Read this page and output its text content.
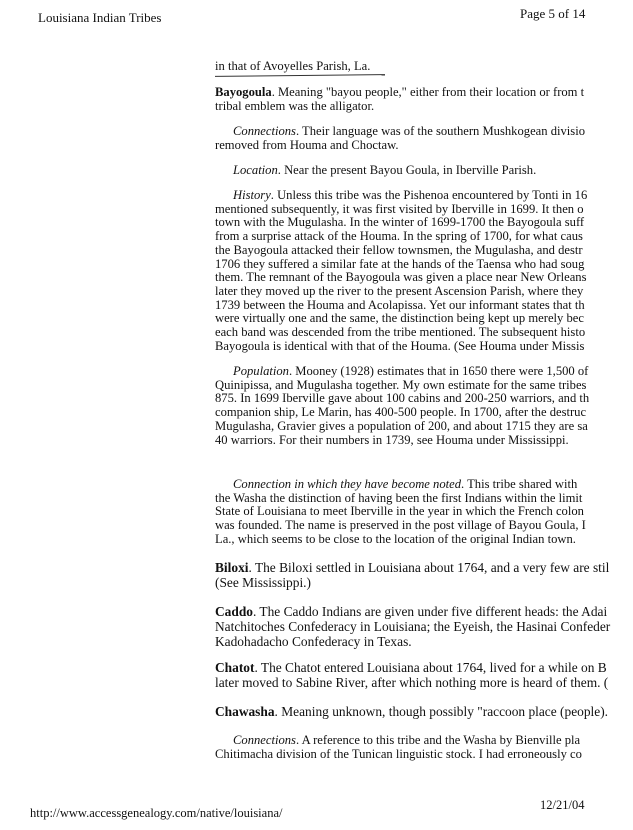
Louisiana Indian Tribes	Page 5 of 14
in that of Avoyelles Parish, La.
Bayogoula. Meaning "bayou people," either from their location or from t
tribal emblem was the alligator.
Connections. Their language was of the southern Mushkogean divisio
removed from Houma and Choctaw.
Location. Near the present Bayou Goula, in Iberville Parish.
History. Unless this tribe was the Pishenoa encountered by Tonti in 16
mentioned subsequently, it was first visited by Iberville in 1699. It then o
town with the Mugulasha. In the winter of 1699-1700 the Bayogoula suff
from a surprise attack of the Houma. In the spring of 1700, for what caus
the Bayogoula attacked their fellow townsmen, the Mugulasha, and destr
1706 they suffered a similar fate at the hands of the Taensa who had soug
them. The remnant of the Bayogoula was given a place near New Orleans
later they moved up the river to the present Ascension Parish, where they
1739 between the Houma and Acolapissa. Yet our informant states that th
were virtually one and the same, the distinction being kept up merely bec
each band was descended from the tribe mentioned. The subsequent histo
Bayogoula is identical with that of the Houma. (See Houma under Missis
Population. Mooney (1928) estimates that in 1650 there were 1,500 of
Quinipissa, and Mugulasha together. My own estimate for the same tribes
875. In 1699 Iberville gave about 100 cabins and 200-250 warriors, and th
companion ship, Le Marin, has 400-500 people. In 1700, after the destruc
Mugulasha, Gravier gives a population of 200, and about 1715 they are sa
40 warriors. For their numbers in 1739, see Houma under Mississippi.
Connection in which they have become noted. This tribe shared with
the Washa the distinction of having been the first Indians within the limit
State of Louisiana to meet Iberville in the year in which the French colon
was founded. The name is preserved in the post village of Bayou Goula, I
La., which seems to be close to the location of the original Indian town.
Biloxi. The Biloxi settled in Louisiana about 1764, and a very few are stil
(See Mississippi.)
Caddo. The Caddo Indians are given under five different heads: the Adai
Natchitoches Confederacy in Louisiana; the Eyeish, the Hasinai Confeder
Kadohadacho Confederacy in Texas.
Chatot. The Chatot entered Louisiana about 1764, lived for a while on B
later moved to Sabine River, after which nothing more is heard of them. (
Chawasha. Meaning unknown, though possibly "raccoon place (people).
Connections. A reference to this tribe and the Washa by Bienville pla
Chitimacha division of the Tunican linguistic stock. I had erroneously co
http://www.accessgenealogy.com/native/louisiana/
12/21/04
